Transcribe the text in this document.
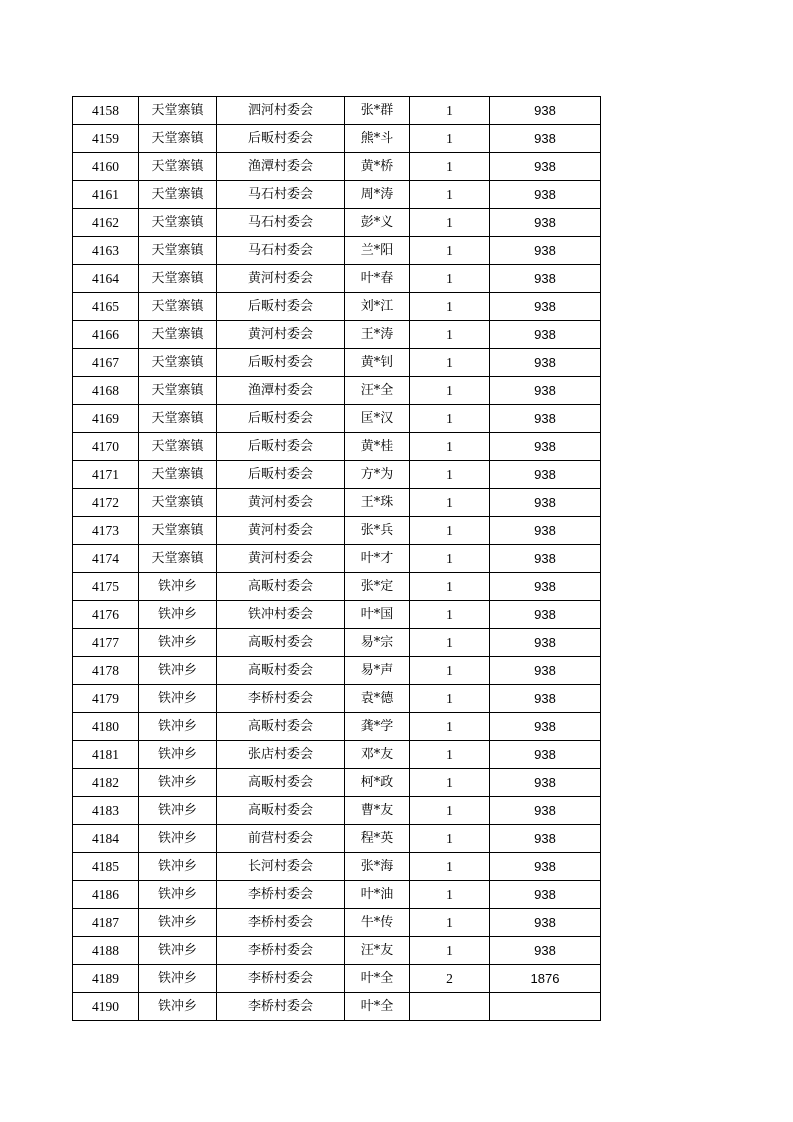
4158	天堂寨镇	泗河村委会	张*群	1	938
4159	天堂寨镇	后畈村委会	熊*斗	1	938
4160	天堂寨镇	渔潭村委会	黄*桥	1	938
4161	天堂寨镇	马石村委会	周*涛	1	938
4162	天堂寨镇	马石村委会	彭*义	1	938
4163	天堂寨镇	马石村委会	兰*阳	1	938
4164	天堂寨镇	黄河村委会	叶*春	1	938
4165	天堂寨镇	后畈村委会	刘*江	1	938
4166	天堂寨镇	黄河村委会	王*涛	1	938
4167	天堂寨镇	后畈村委会	黄*钊	1	938
4168	天堂寨镇	渔潭村委会	汪*全	1	938
4169	天堂寨镇	后畈村委会	匡*汉	1	938
4170	天堂寨镇	后畈村委会	黄*桂	1	938
4171	天堂寨镇	后畈村委会	方*为	1	938
4172	天堂寨镇	黄河村委会	王*珠	1	938
4173	天堂寨镇	黄河村委会	张*兵	1	938
4174	天堂寨镇	黄河村委会	叶*才	1	938
4175	铁冲乡	高畈村委会	张*定	1	938
4176	铁冲乡	铁冲村委会	叶*国	1	938
4177	铁冲乡	高畈村委会	易*宗	1	938
4178	铁冲乡	高畈村委会	易*声	1	938
4179	铁冲乡	李桥村委会	袁*德	1	938
4180	铁冲乡	高畈村委会	龚*学	1	938
4181	铁冲乡	张店村委会	邓*友	1	938
4182	铁冲乡	高畈村委会	柯*政	1	938
4183	铁冲乡	高畈村委会	曹*友	1	938
4184	铁冲乡	前营村委会	程*英	1	938
4185	铁冲乡	长河村委会	张*海	1	938
4186	铁冲乡	李桥村委会	叶*油	1	938
4187	铁冲乡	李桥村委会	牛*传	1	938
4188	铁冲乡	李桥村委会	汪*友	1	938
4189	铁冲乡	李桥村委会	叶*全	2	1876
4190	铁冲乡	李桥村委会	叶*全		
